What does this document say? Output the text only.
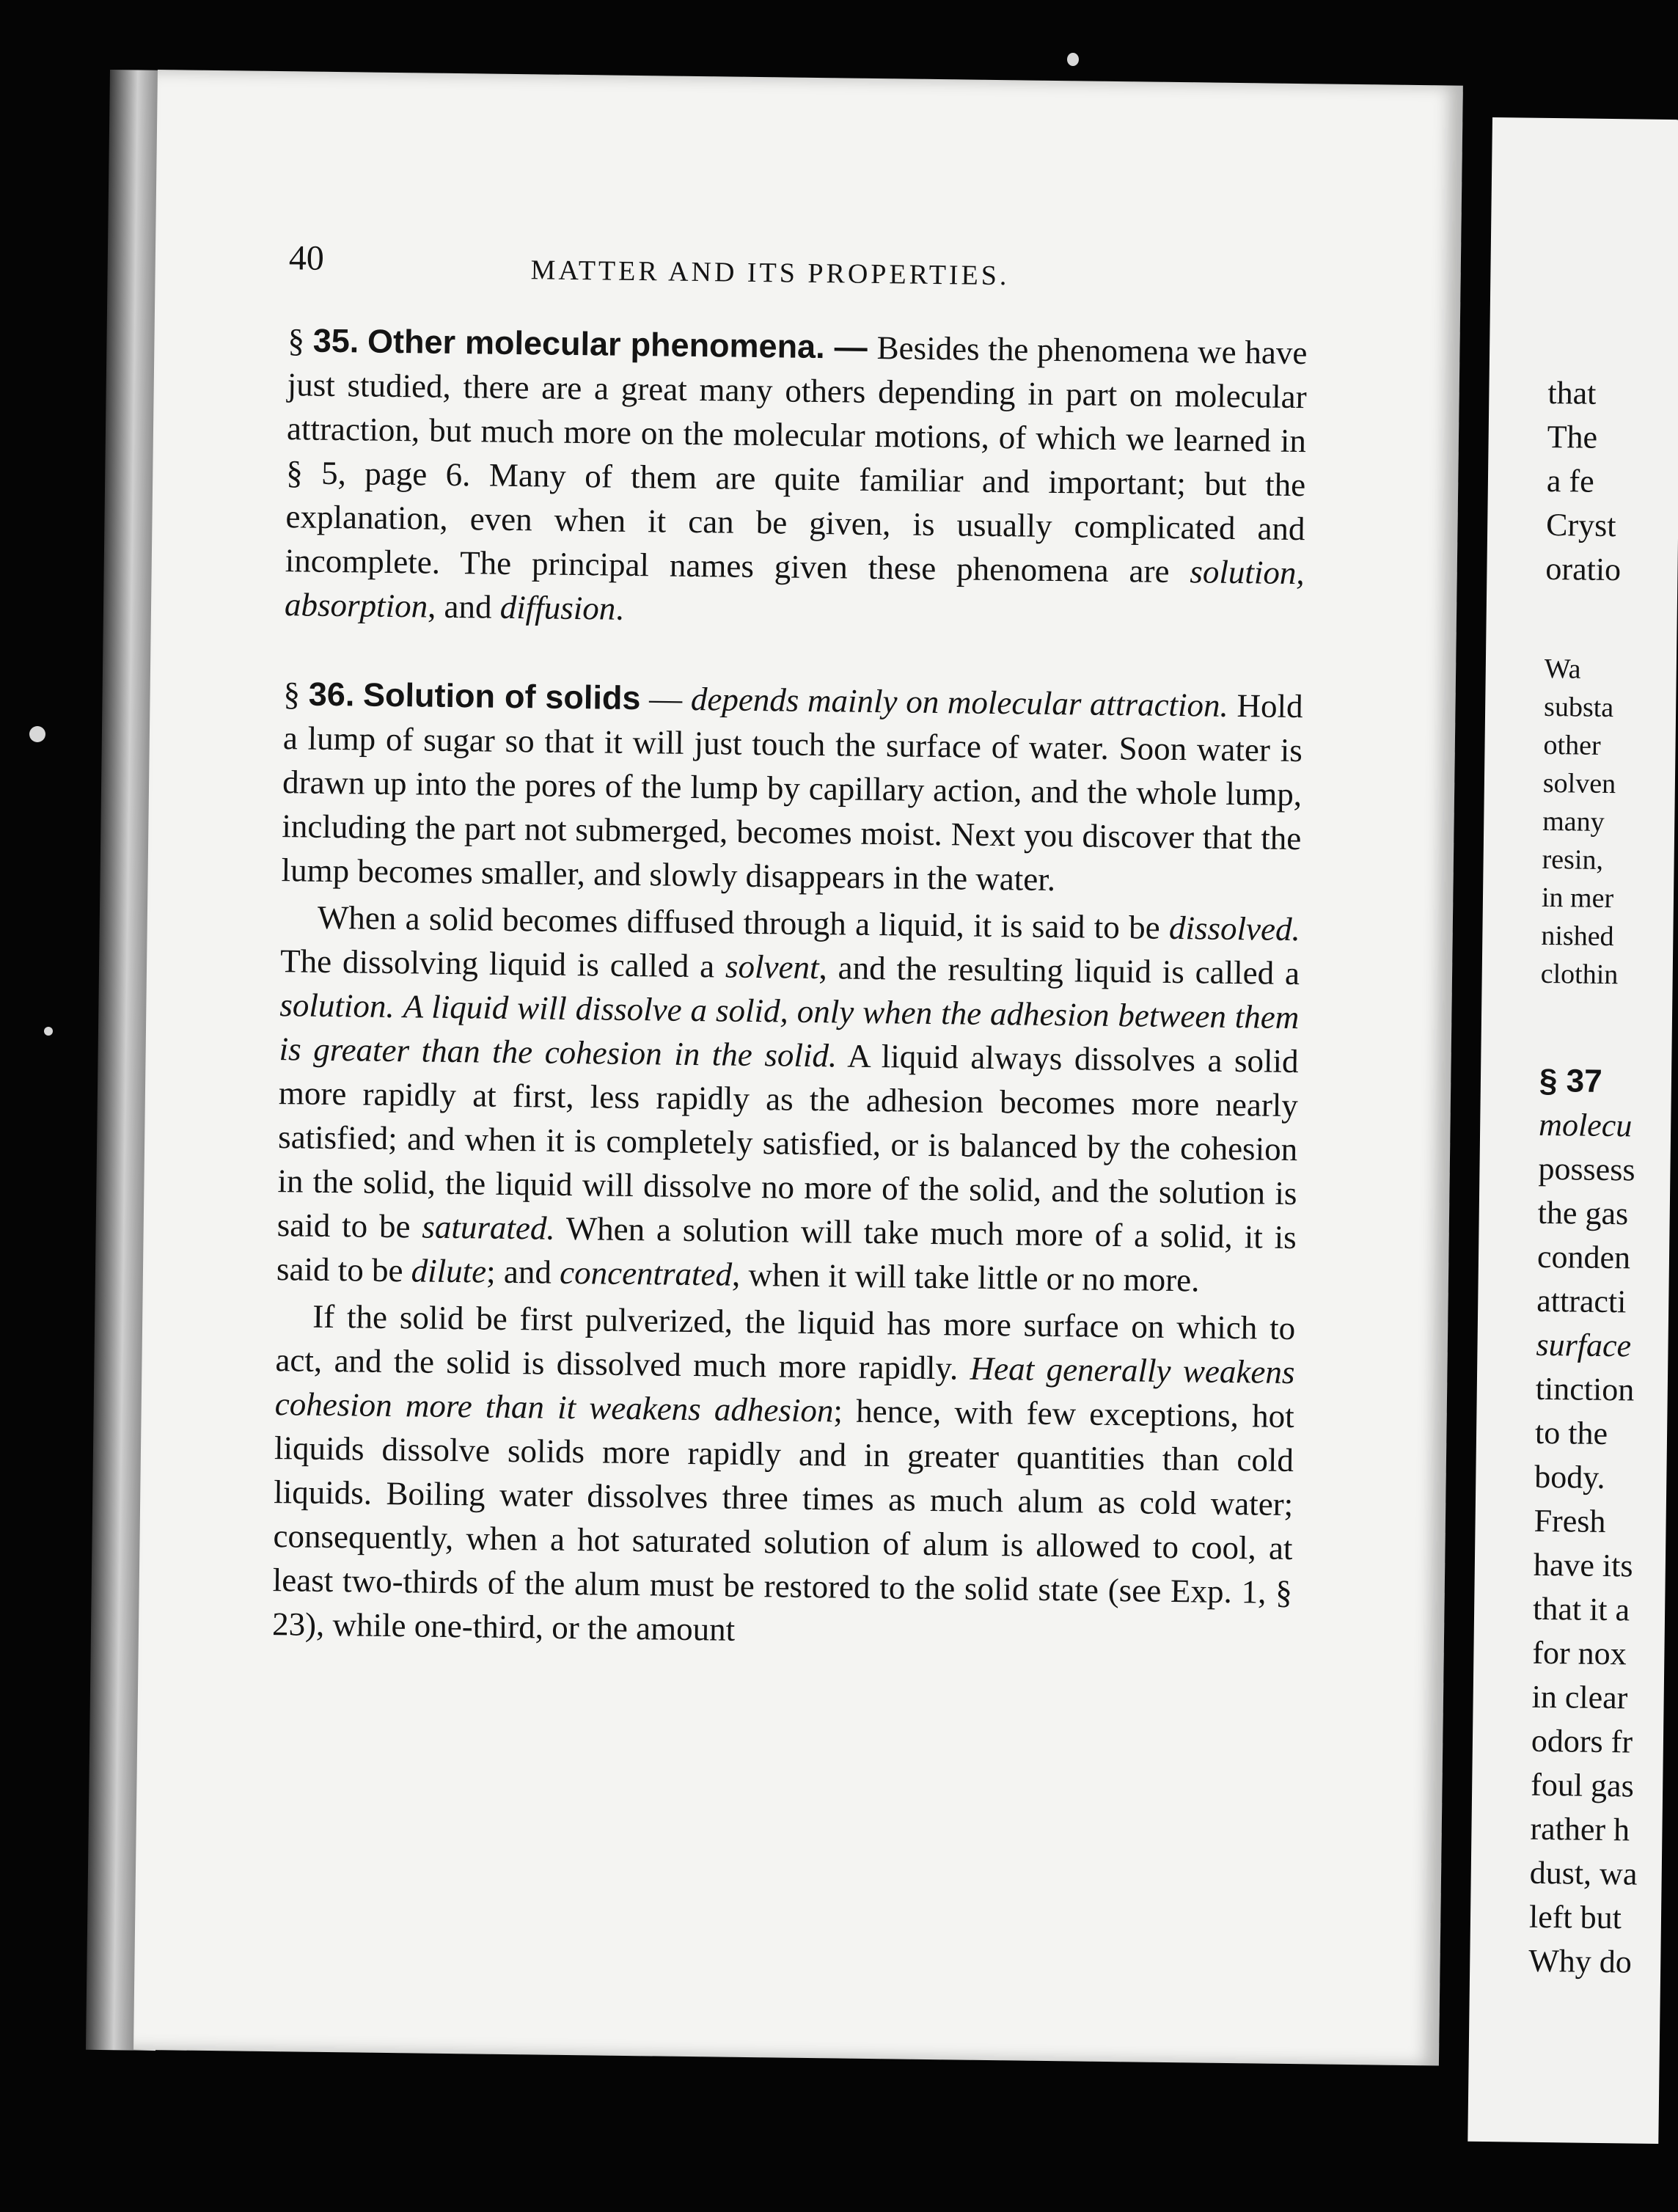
40	MATTER AND ITS PROPERTIES.

§ 35. Other molecular phenomena. — Besides the phenomena we have just studied, there are a great many others depending in part on molecular attraction, but much more on the molecular motions, of which we learned in § 5, page 6. Many of them are quite familiar and important; but the explanation, even when it can be given, is usually complicated and incomplete. The principal names given these phenomena are solution, absorption, and diffusion.

§ 36. Solution of solids — depends mainly on molecular attraction. Hold a lump of sugar so that it will just touch the surface of water. Soon water is drawn up into the pores of the lump by capillary action, and the whole lump, including the part not submerged, becomes moist. Next you discover that the lump becomes smaller, and slowly disappears in the water.

When a solid becomes diffused through a liquid, it is said to be dissolved. The dissolving liquid is called a solvent, and the resulting liquid is called a solution. A liquid will dissolve a solid, only when the adhesion between them is greater than the cohesion in the solid. A liquid always dissolves a solid more rapidly at first, less rapidly as the adhesion becomes more nearly satisfied; and when it is completely satisfied, or is balanced by the cohesion in the solid, the liquid will dissolve no more of the solid, and the solution is said to be saturated. When a solution will take much more of a solid, it is said to be dilute; and concentrated, when it will take little or no more.

If the solid be first pulverized, the liquid has more surface on which to act, and the solid is dissolved much more rapidly. Heat generally weakens cohesion more than it weakens adhesion; hence, with few exceptions, hot liquids dissolve solids more rapidly and in greater quantities than cold liquids. Boiling water dissolves three times as much alum as cold water; consequently, when a hot saturated solution of alum is allowed to cool, at least two-thirds of the alum must be restored to the solid state (see Exp. 1, § 23), while one-third, or the amount

that
The
a fe
Cryst
oratio

Wa
substa
other
solven
many
resin,
in mer
nished
clothin

§ 37
molecu
possess
the gas
conden
attracti
surface
tinction
to the
body.
Fresh
have its
that it a
for nox
in clear
odors fr
foul gas
rather h
dust, wa
left but
Why do
